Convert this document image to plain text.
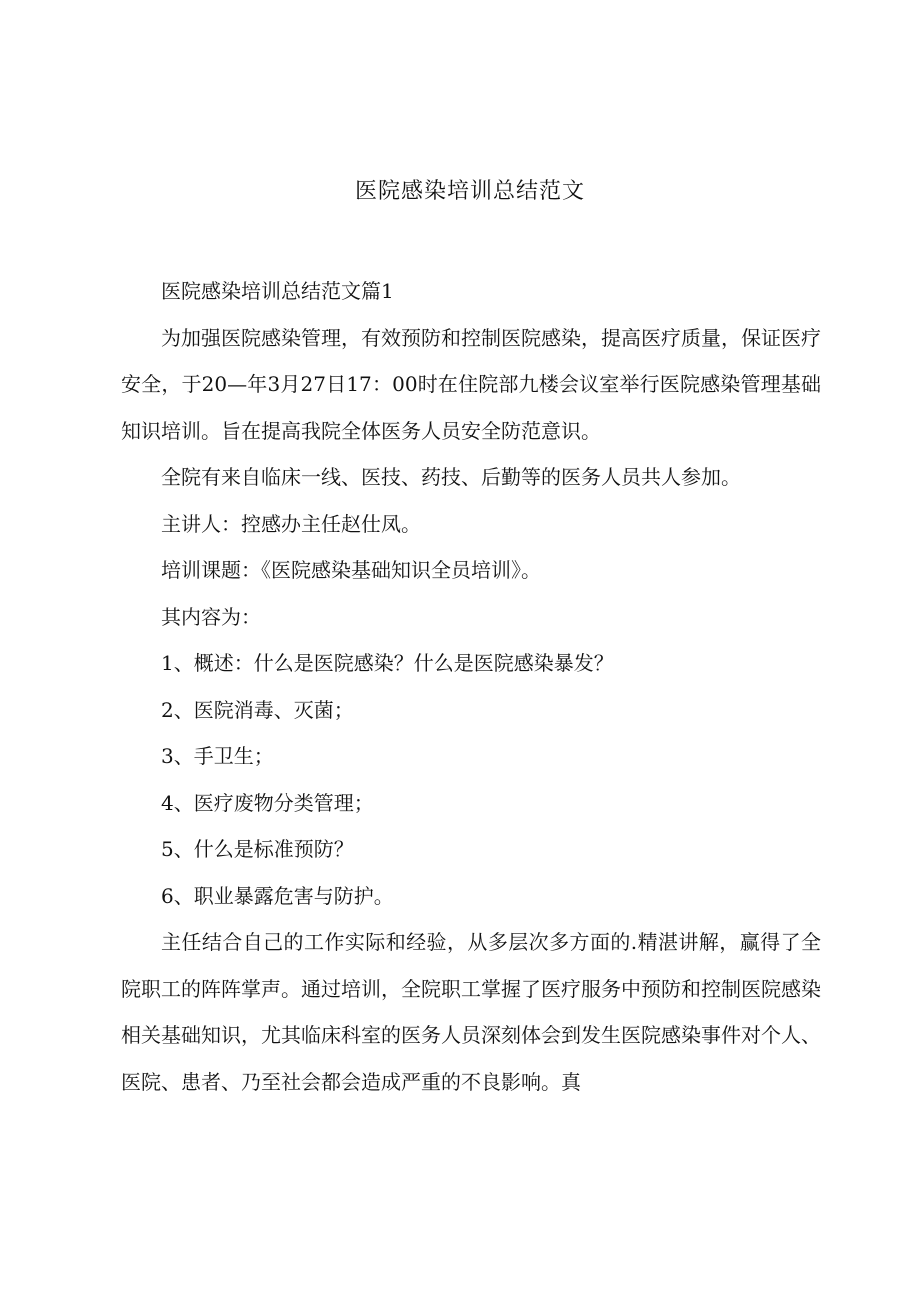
医院感染培训总结范文

医院感染培训总结范文篇1

为加强医院感染管理，有效预防和控制医院感染，提高医疗质量，保证医疗安全，于20—年3月27日17：00时在住院部九楼会议室举行医院感染管理基础知识培训。旨在提高我院全体医务人员安全防范意识。

全院有来自临床一线、医技、药技、后勤等的医务人员共人参加。

主讲人：控感办主任赵仕凤。

培训课题：《医院感染基础知识全员培训》。

其内容为：

1、概述：什么是医院感染？什么是医院感染暴发？

2、医院消毒、灭菌；

3、手卫生；

4、医疗废物分类管理；

5、什么是标准预防？

6、职业暴露危害与防护。

主任结合自己的工作实际和经验，从多层次多方面的.精湛讲解，赢得了全院职工的阵阵掌声。通过培训，全院职工掌握了医疗服务中预防和控制医院感染相关基础知识，尤其临床科室的医务人员深刻体会到发生医院感染事件对个人、医院、患者、乃至社会都会造成严重的不良影响。真
